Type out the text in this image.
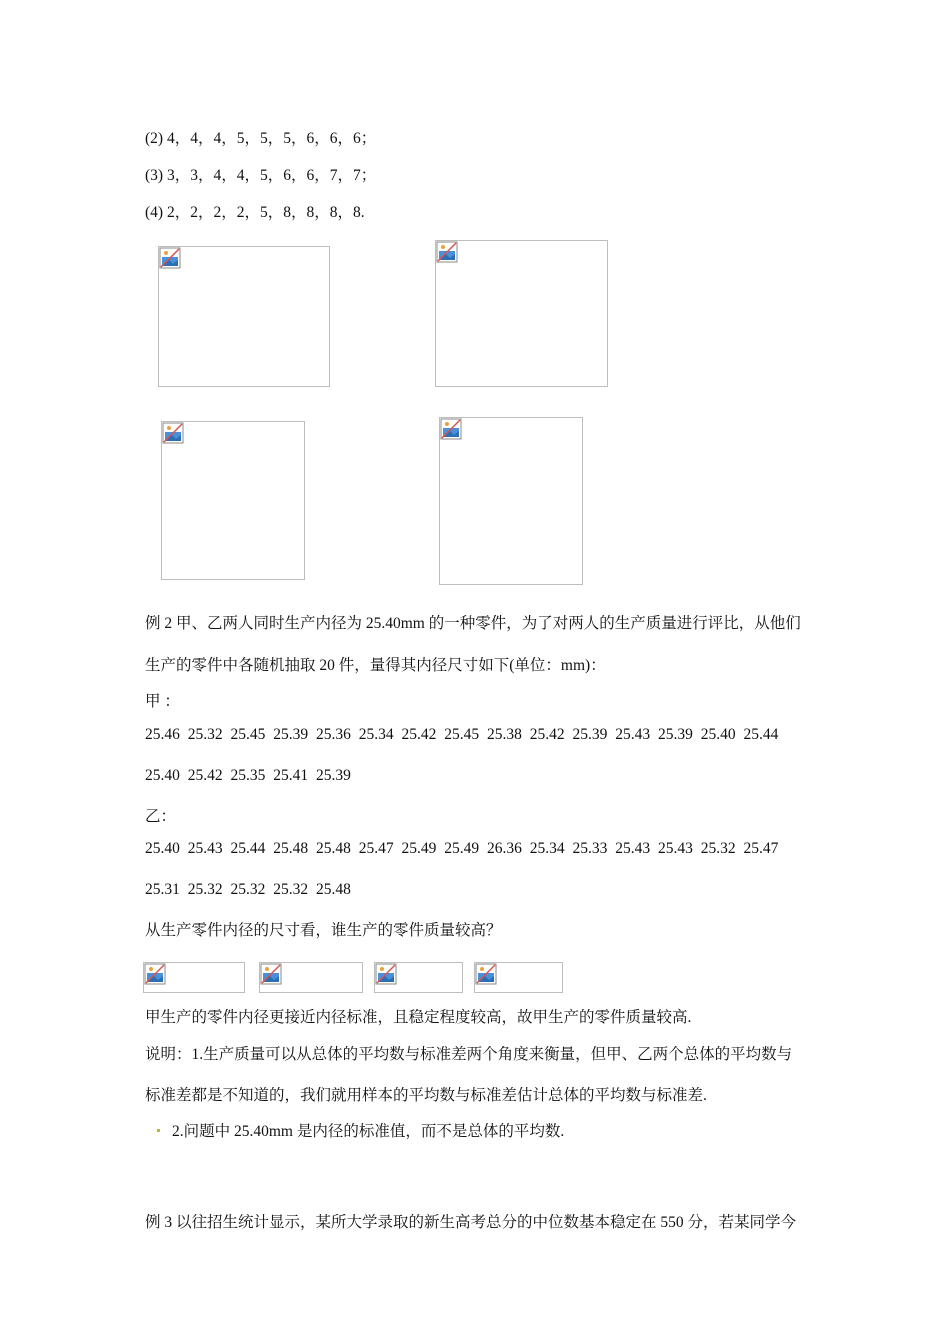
(2) 4，4，4，5，5，5，6，6，6；
(3) 3，3，4，4，5，6，6，7，7；
(4) 2，2，2，2，5，8，8，8，8.
例 2 甲、乙两人同时生产内径为 25.40mm 的一种零件，为了对两人的生产质量进行评比，从他们
生产的零件中各随机抽取 20 件，量得其内径尺寸如下(单位：mm)：
甲 ：
25.46 25.32 25.45 25.39 25.36 25.34 25.42 25.45 25.38 25.42 25.39 25.43 25.39 25.40 25.44
25.40 25.42 25.35 25.41 25.39
乙：
25.40 25.43 25.44 25.48 25.48 25.47 25.49 25.49 26.36 25.34 25.33 25.43 25.43 25.32 25.47
25.31 25.32 25.32 25.32 25.48
从生产零件内径的尺寸看，谁生产的零件质量较高？
甲生产的零件内径更接近内径标准，且稳定程度较高，故甲生产的零件质量较高.
说明：1.生产质量可以从总体的平均数与标准差两个角度来衡量，但甲、乙两个总体的平均数与
标准差都是不知道的，我们就用样本的平均数与标准差估计总体的平均数与标准差.
2.问题中 25.40mm 是内径的标准值，而不是总体的平均数.
例 3 以往招生统计显示，某所大学录取的新生高考总分的中位数基本稳定在 550 分，若某同学今
